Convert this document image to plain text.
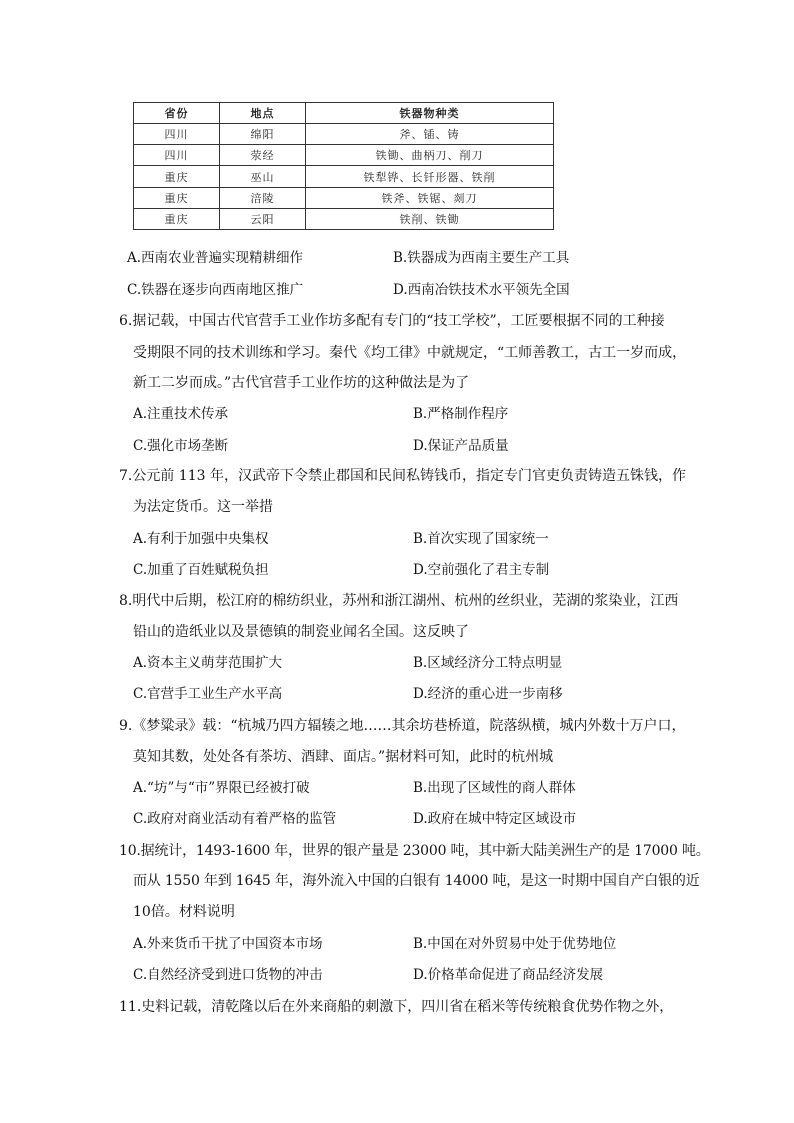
省份	地点	铁器物种类
四川	绵阳	斧、锸、铸
四川	荥经	铁锄、曲柄刀、削刀
重庆	巫山	铁犁铧、长钎形器、铁削
重庆	涪陵	铁斧、铁锯、剡刀
重庆	云阳	铁削、铁锄
A.西南农业普遍实现精耕细作	B.铁器成为西南主要生产工具
C.铁器在逐步向西南地区推广	D.西南冶铁技术水平领先全国
6.据记载，中国古代官营手工业作坊多配有专门的“技工学校”，工匠要根据不同的工种接
受期限不同的技术训练和学习。秦代《均工律》中就规定，“工师善教工，古工一岁而成，
新工二岁而成。”古代官营手工业作坊的这种做法是为了
A.注重技术传承	B.严格制作程序
C.强化市场垄断	D.保证产品质量
7.公元前 113 年，汉武帝下令禁止郡国和民间私铸钱币，指定专门官吏负责铸造五铢钱，作
为法定货币。这一举措
A.有利于加强中央集权	B.首次实现了国家统一
C.加重了百姓赋税负担	D.空前强化了君主专制
8.明代中后期，松江府的棉纺织业，苏州和浙江湖州、杭州的丝织业，芜湖的浆染业，江西
铅山的造纸业以及景德镇的制瓷业闻名全国。这反映了
A.资本主义萌芽范围扩大	B.区域经济分工特点明显
C.官营手工业生产水平高	D.经济的重心进一步南移
9.《梦粱录》载：“杭城乃四方辐辏之地……其余坊巷桥道，院落纵横，城内外数十万户口，
莫知其数，处处各有茶坊、酒肆、面店。”据材料可知，此时的杭州城
A.“坊”与“市”界限已经被打破	B.出现了区域性的商人群体
C.政府对商业活动有着严格的监管	D.政府在城中特定区域设市
10.据统计，1493-1600 年，世界的银产量是 23000 吨，其中新大陆美洲生产的是 17000 吨。
而从 1550 年到 1645 年，海外流入中国的白银有 14000 吨，是这一时期中国自产白银的近
10倍。材料说明
A.外来货币干扰了中国资本市场	B.中国在对外贸易中处于优势地位
C.自然经济受到进口货物的冲击	D.价格革命促进了商品经济发展
11.史料记载，清乾隆以后在外来商船的刺激下，四川省在稻米等传统粮食优势作物之外，
